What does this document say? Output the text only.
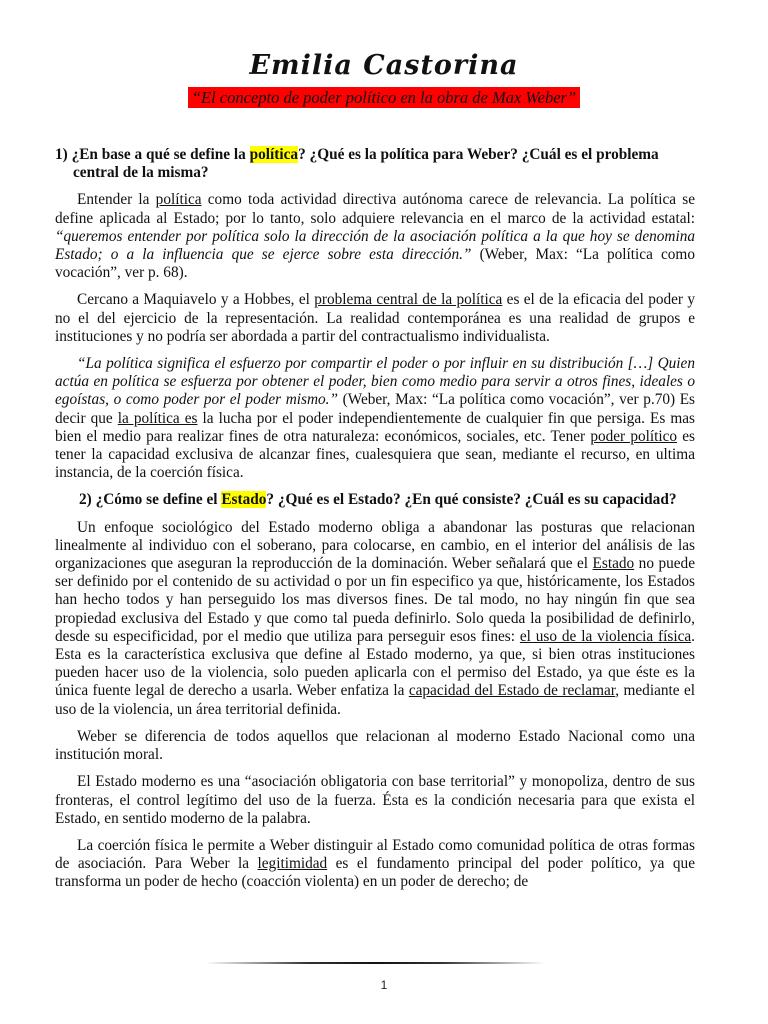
Emilia Castorina
“El concepto de poder político en la obra de Max Weber”
1) ¿En base a qué se define la política? ¿Qué es la política para Weber? ¿Cuál es el problema central de la misma?

Entender la política como toda actividad directiva autónoma carece de relevancia. La política se define aplicada al Estado; por lo tanto, solo adquiere relevancia en el marco de la actividad estatal: “queremos entender por política solo la dirección de la asociación política a la que hoy se denomina Estado; o a la influencia que se ejerce sobre esta dirección.” (Weber, Max: “La política como vocación”, ver p. 68).

Cercano a Maquiavelo y a Hobbes, el problema central de la política es el de la eficacia del poder y no el del ejercicio de la representación. La realidad contemporánea es una realidad de grupos e instituciones y no podría ser abordada a partir del contractualismo individualista.

“La política significa el esfuerzo por compartir el poder o por influir en su distribución […] Quien actúa en política se esfuerza por obtener el poder, bien como medio para servir a otros fines, ideales o egoístas, o como poder por el poder mismo.” (Weber, Max: “La política como vocación”, ver p.70) Es decir que la política es la lucha por el poder independientemente de cualquier fin que persiga. Es mas bien el medio para realizar fines de otra naturaleza: económicos, sociales, etc. Tener poder político es tener la capacidad exclusiva de alcanzar fines, cualesquiera que sean, mediante el recurso, en ultima instancia, de la coerción física.

2) ¿Cómo se define el Estado? ¿Qué es el Estado? ¿En qué consiste? ¿Cuál es su capacidad?

Un enfoque sociológico del Estado moderno obliga a abandonar las posturas que relacionan linealmente al individuo con el soberano, para colocarse, en cambio, en el interior del análisis de las organizaciones que aseguran la reproducción de la dominación. Weber señalará que el Estado no puede ser definido por el contenido de su actividad o por un fin especifico ya que, históricamente, los Estados han hecho todos y han perseguido los mas diversos fines. De tal modo, no hay ningún fin que sea propiedad exclusiva del Estado y que como tal pueda definirlo. Solo queda la posibilidad de definirlo, desde su especificidad, por el medio que utiliza para perseguir esos fines: el uso de la violencia física. Esta es la característica exclusiva que define al Estado moderno, ya que, si bien otras instituciones pueden hacer uso de la violencia, solo pueden aplicarla con el permiso del Estado, ya que éste es la única fuente legal de derecho a usarla. Weber enfatiza la capacidad del Estado de reclamar, mediante el uso de la violencia, un área territorial definida.

Weber se diferencia de todos aquellos que relacionan al moderno Estado Nacional como una institución moral.

El Estado moderno es una “asociación obligatoria con base territorial” y monopoliza, dentro de sus fronteras, el control legítimo del uso de la fuerza. Ésta es la condición necesaria para que exista el Estado, en sentido moderno de la palabra.

La coerción física le permite a Weber distinguir al Estado como comunidad política de otras formas de asociación. Para Weber la legitimidad es el fundamento principal del poder político, ya que transforma un poder de hecho (coacción violenta) en un poder de derecho; de

1
